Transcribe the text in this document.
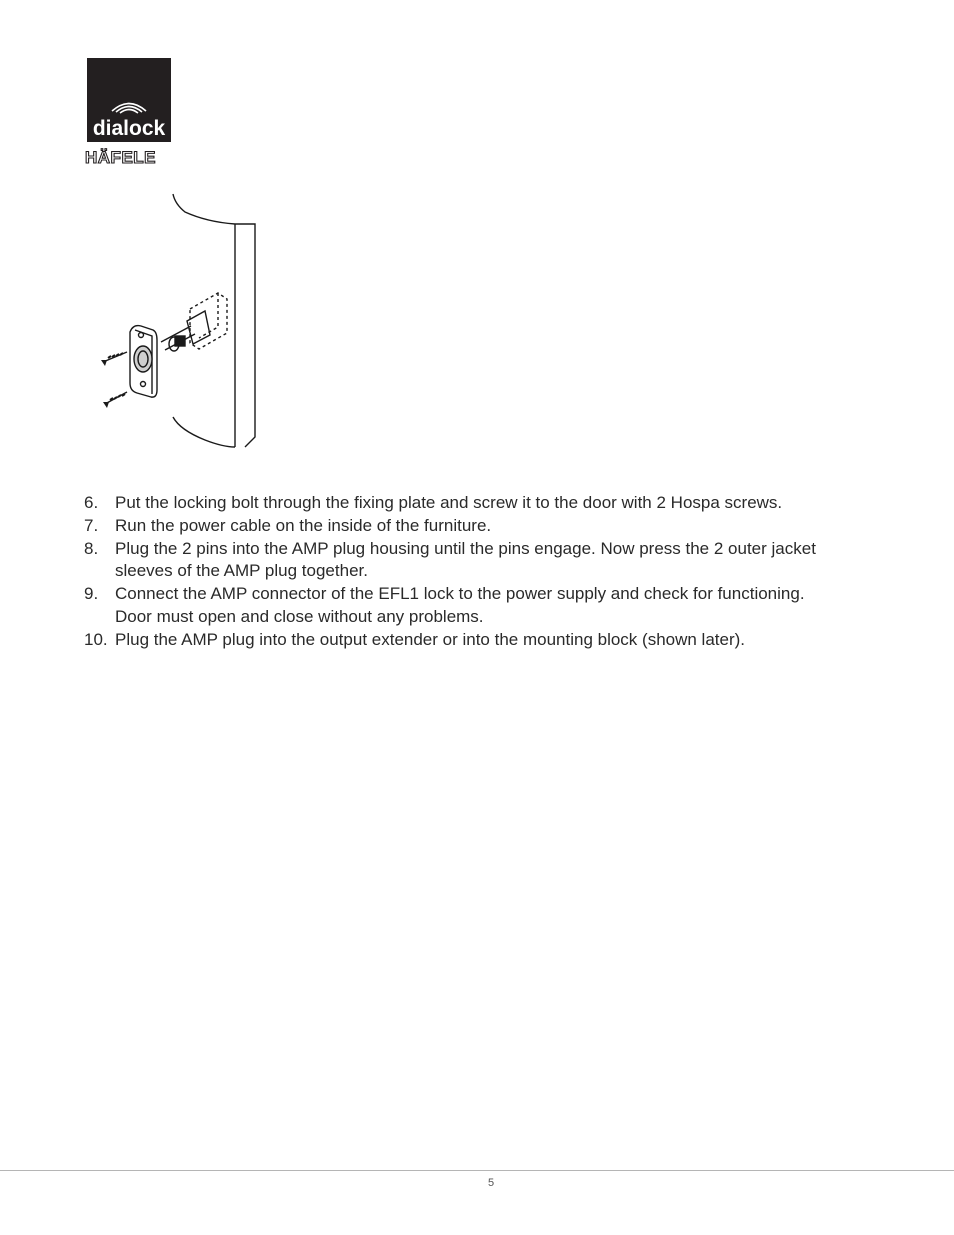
dialock
HÄFELE
6. Put the locking bolt through the fixing plate and screw it to the door with 2 Hospa screws.
7. Run the power cable on the inside of the furniture.
8. Plug the 2 pins into the AMP plug housing until the pins engage. Now press the 2 outer jacket sleeves of the AMP plug together.
9. Connect the AMP connector of the EFL1 lock to the power supply and check for functioning. Door must open and close without any problems.
10. Plug the AMP plug into the output extender or into the mounting block (shown later).
5
